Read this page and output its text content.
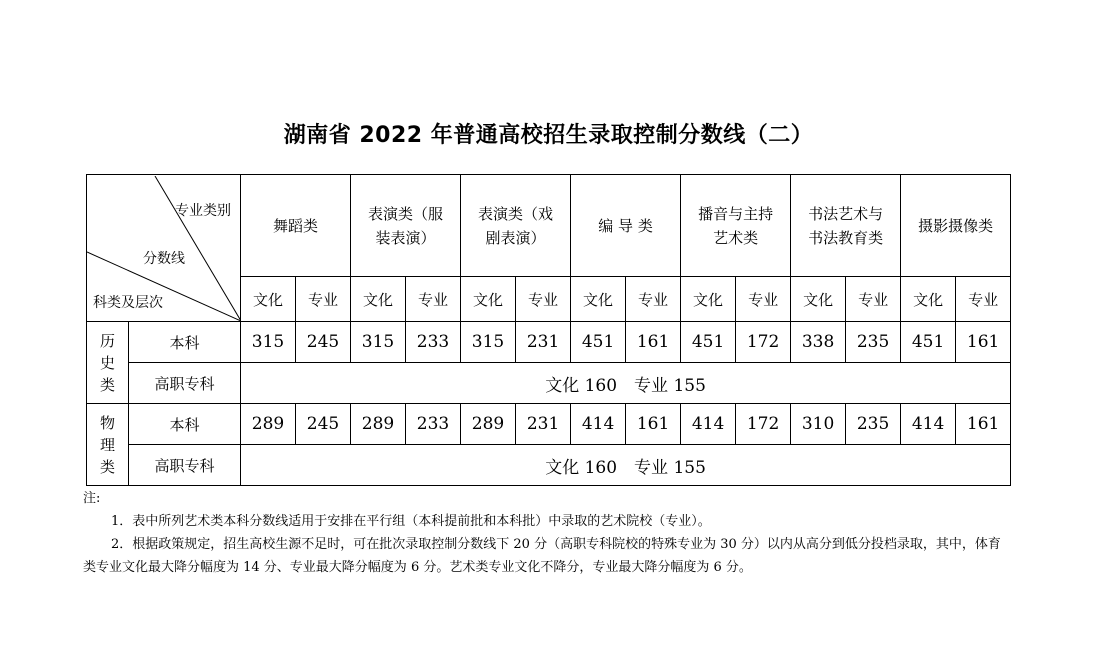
湖南省 2022 年普通高校招生录取控制分数线（二）
专业类别
分数线
科类及层次		舞蹈类		表演类（服装表演）		表演类（戏剧表演）		编 导 类		播音与主持艺术类		书法艺术与书法教育类		摄影摄像类	
		文化	专业	文化	专业	文化	专业	文化	专业	文化	专业	文化	专业	文化	专业

历
史
类	本科	315	245	315	233	315	231	451	161	451	172	338	235	451	161
	高职专科	文化 160　专业 155													

物
理
类	本科	289	245	289	233	289	231	414	161	414	172	310	235	414	161
	高职专科	文化 160　专业 155													
注:
1．表中所列艺术类本科分数线适用于安排在平行组（本科提前批和本科批）中录取的艺术院校（专业）。
2．根据政策规定，招生高校生源不足时，可在批次录取控制分数线下 20 分（高职专科院校的特殊专业为 30 分）以内从高分到低分投档录取，其中，体育类专业文化最大降分幅度为 14 分、专业最大降分幅度为 6 分。艺术类专业文化不降分，专业最大降分幅度为 6 分。
